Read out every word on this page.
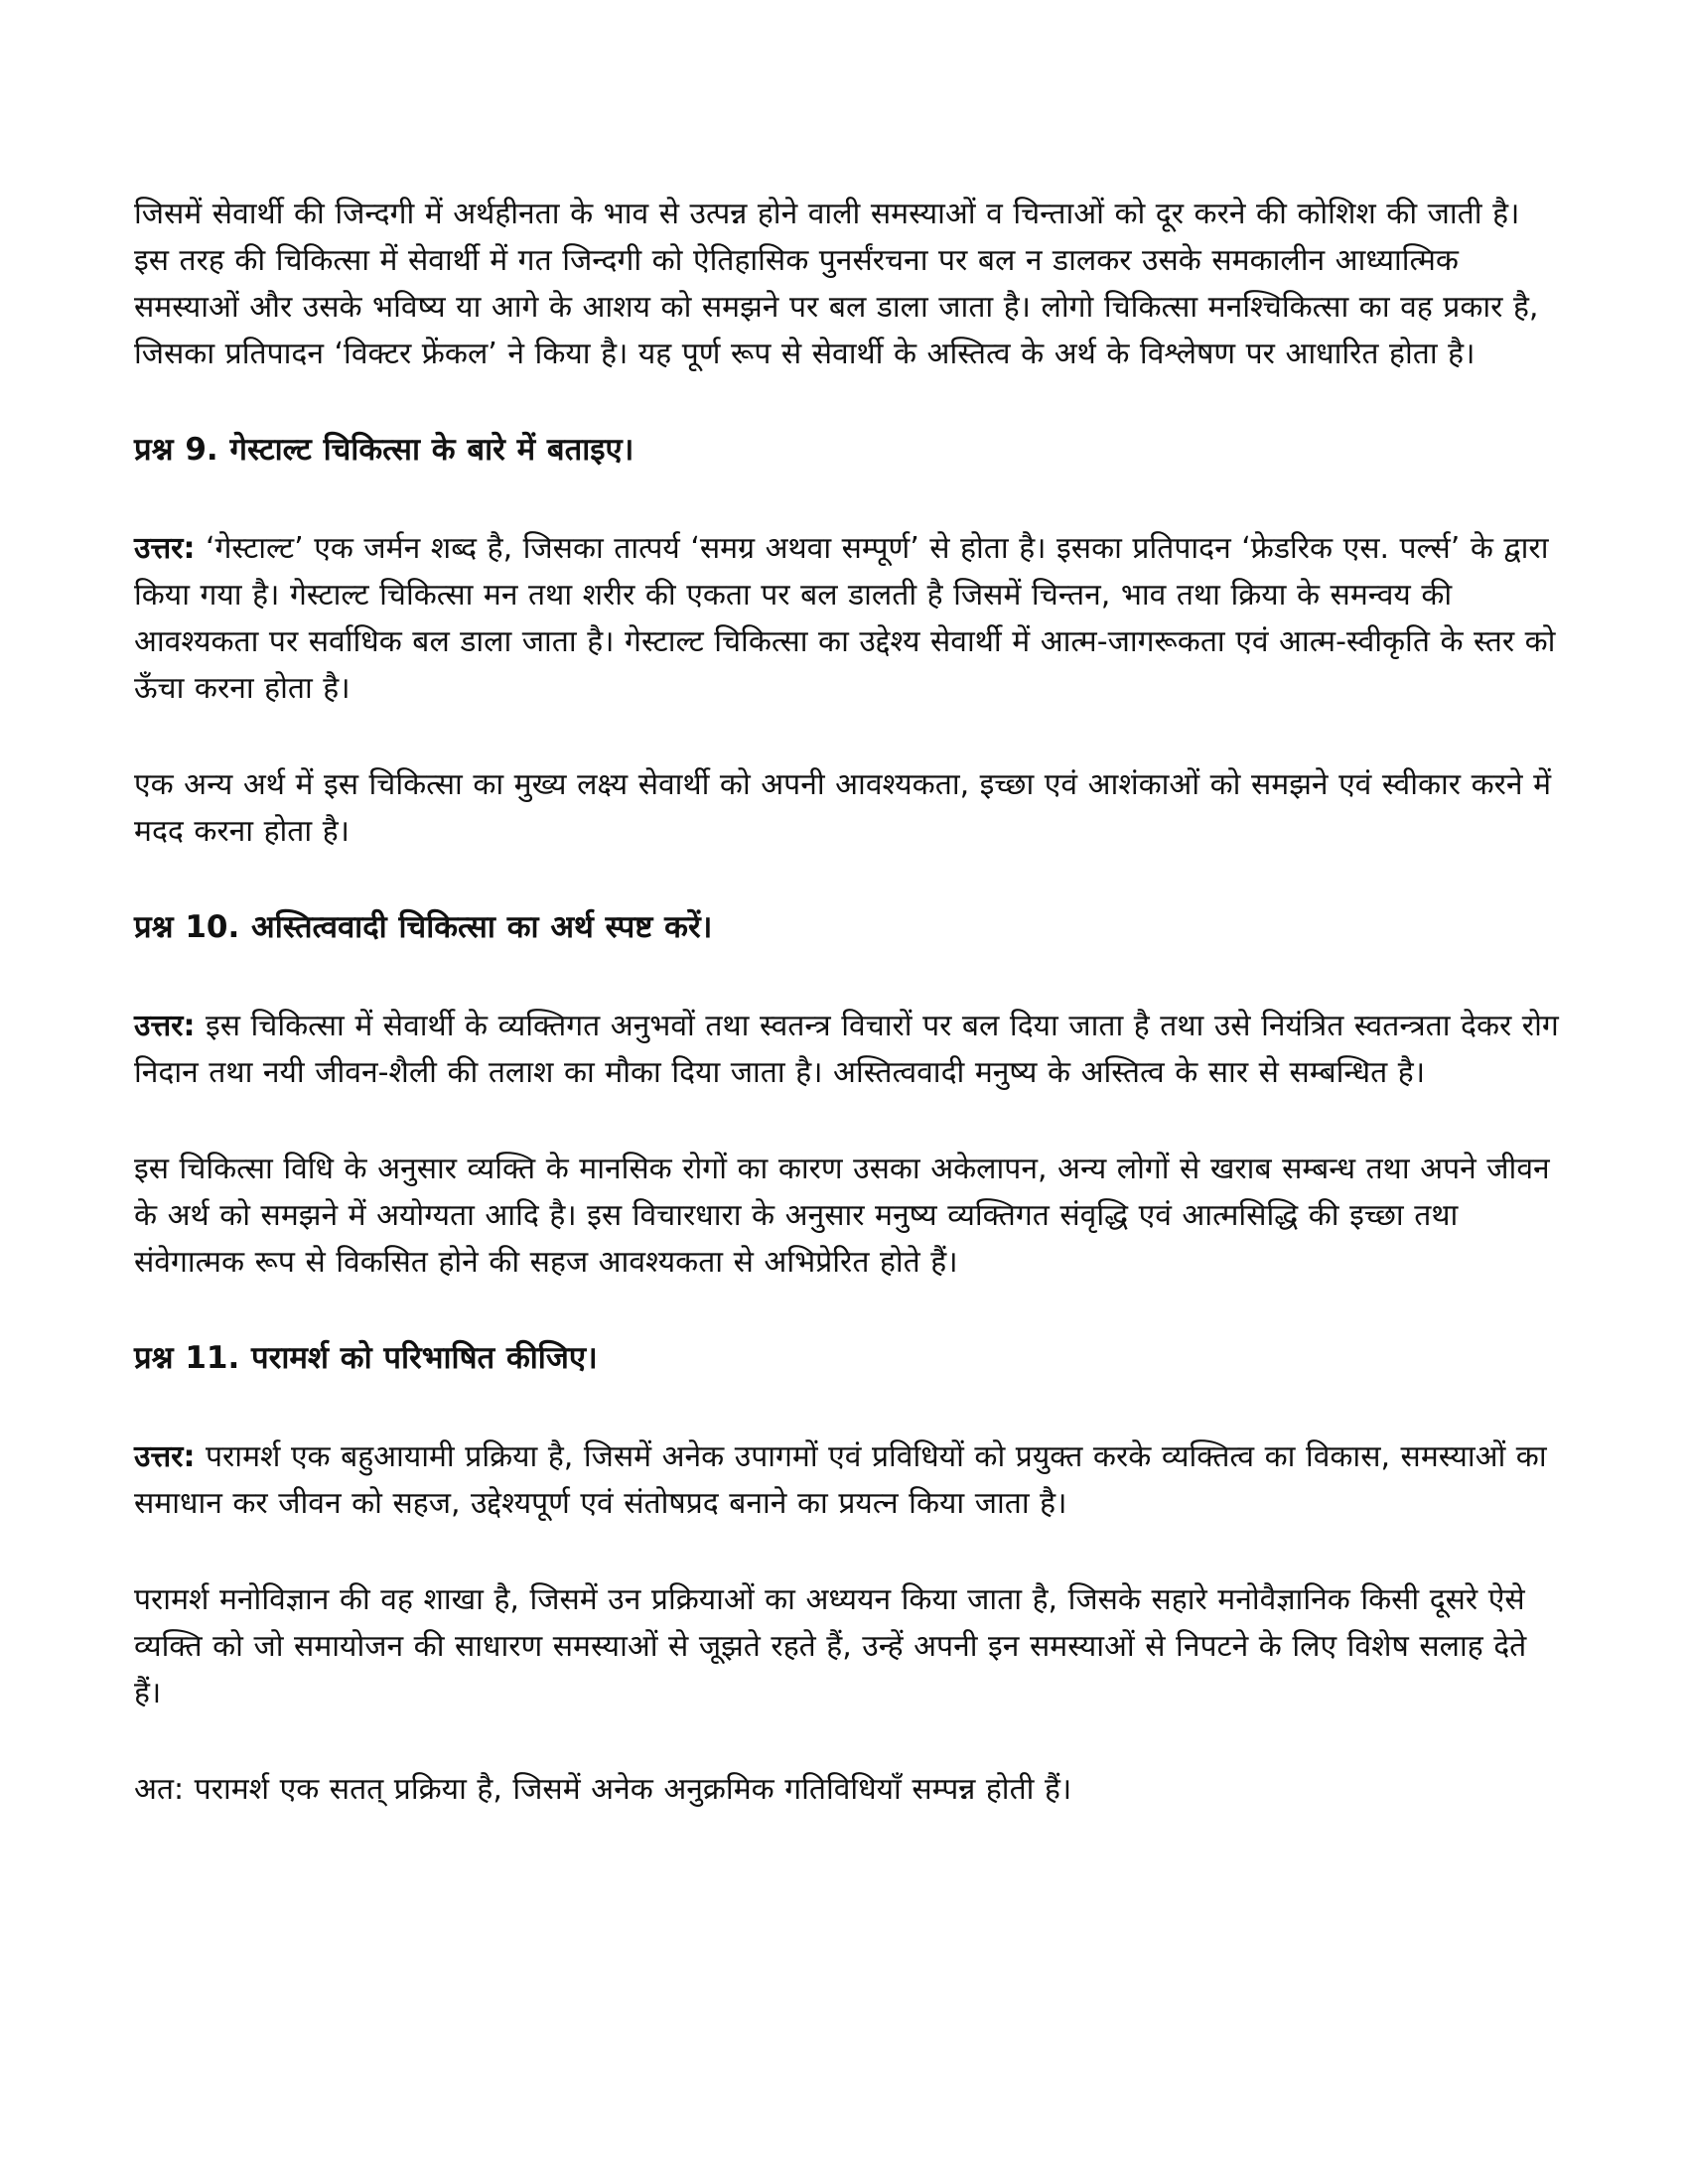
जिसमें सेवार्थी की जिन्दगी में अर्थहीनता के भाव से उत्पन्न होने वाली समस्याओं व चिन्ताओं को दूर करने की कोशिश की जाती है। इस तरह की चिकित्सा में सेवार्थी में गत जिन्दगी को ऐतिहासिक पुनर्संरचना पर बल न डालकर उसके समकालीन आध्यात्मिक समस्याओं और उसके भविष्य या आगे के आशय को समझने पर बल डाला जाता है। लोगो चिकित्सा मनश्चिकित्सा का वह प्रकार है, जिसका प्रतिपादन ‘विक्टर फ्रेंकल’ ने किया है। यह पूर्ण रूप से सेवार्थी के अस्तित्व के अर्थ के विश्लेषण पर आधारित होता है।

प्रश्न 9. गेस्टाल्ट चिकित्सा के बारे में बताइए।

उत्तर: ‘गेस्टाल्ट’ एक जर्मन शब्द है, जिसका तात्पर्य ‘समग्र अथवा सम्पूर्ण’ से होता है। इसका प्रतिपादन ‘फ्रेडरिक एस. पर्ल्स’ के द्वारा किया गया है। गेस्टाल्ट चिकित्सा मन तथा शरीर की एकता पर बल डालती है जिसमें चिन्तन, भाव तथा क्रिया के समन्वय की आवश्यकता पर सर्वाधिक बल डाला जाता है। गेस्टाल्ट चिकित्सा का उद्देश्य सेवार्थी में आत्म-जागरूकता एवं आत्म-स्वीकृति के स्तर को ऊँचा करना होता है।

एक अन्य अर्थ में इस चिकित्सा का मुख्य लक्ष्य सेवार्थी को अपनी आवश्यकता, इच्छा एवं आशंकाओं को समझने एवं स्वीकार करने में मदद करना होता है।

प्रश्न 10. अस्तित्ववादी चिकित्सा का अर्थ स्पष्ट करें।

उत्तर: इस चिकित्सा में सेवार्थी के व्यक्तिगत अनुभवों तथा स्वतन्त्र विचारों पर बल दिया जाता है तथा उसे नियंत्रित स्वतन्त्रता देकर रोग निदान तथा नयी जीवन-शैली की तलाश का मौका दिया जाता है। अस्तित्ववादी मनुष्य के अस्तित्व के सार से सम्बन्धित है।

इस चिकित्सा विधि के अनुसार व्यक्ति के मानसिक रोगों का कारण उसका अकेलापन, अन्य लोगों से खराब सम्बन्ध तथा अपने जीवन के अर्थ को समझने में अयोग्यता आदि है। इस विचारधारा के अनुसार मनुष्य व्यक्तिगत संवृद्धि एवं आत्मसिद्धि की इच्छा तथा संवेगात्मक रूप से विकसित होने की सहज आवश्यकता से अभिप्रेरित होते हैं।

प्रश्न 11. परामर्श को परिभाषित कीजिए।

उत्तर: परामर्श एक बहुआयामी प्रक्रिया है, जिसमें अनेक उपागमों एवं प्रविधियों को प्रयुक्त करके व्यक्तित्व का विकास, समस्याओं का समाधान कर जीवन को सहज, उद्देश्यपूर्ण एवं संतोषप्रद बनाने का प्रयत्न किया जाता है।

परामर्श मनोविज्ञान की वह शाखा है, जिसमें उन प्रक्रियाओं का अध्ययन किया जाता है, जिसके सहारे मनोवैज्ञानिक किसी दूसरे ऐसे व्यक्ति को जो समायोजन की साधारण समस्याओं से जूझते रहते हैं, उन्हें अपनी इन समस्याओं से निपटने के लिए विशेष सलाह देते हैं।

अत: परामर्श एक सतत् प्रक्रिया है, जिसमें अनेक अनुक्रमिक गतिविधियाँ सम्पन्न होती हैं।
